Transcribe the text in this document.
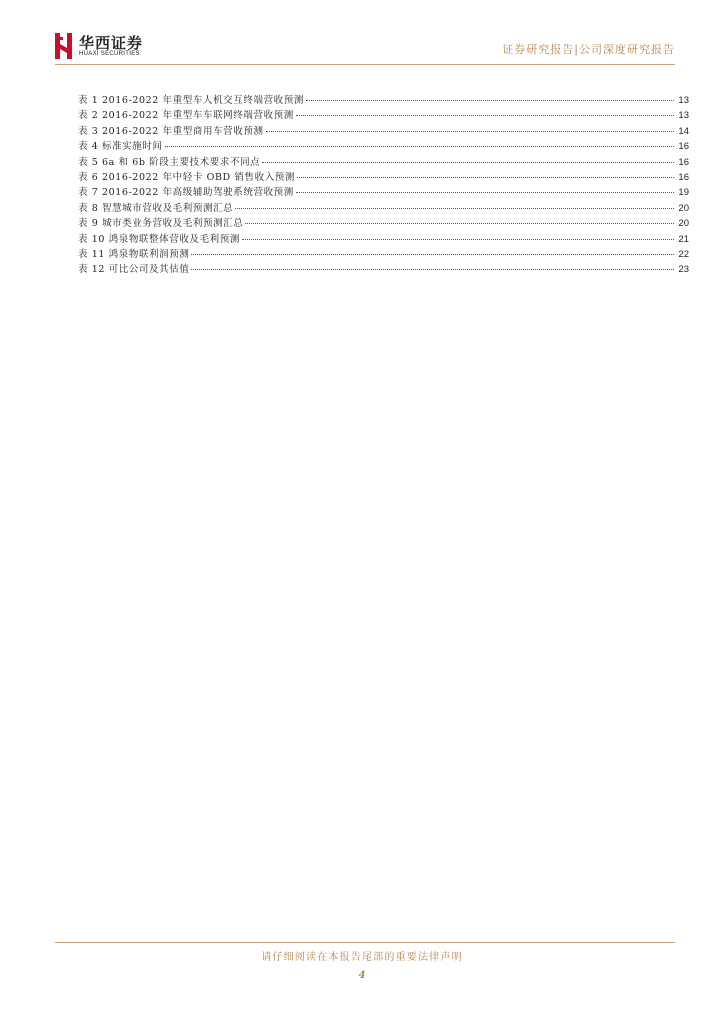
华西证券
HUAXI SECURITIES	证券研究报告|公司深度研究报告
表 1 2016-2022 年重型车人机交互终端营收预测	13
表 2 2016-2022 年重型车车联网终端营收预测	13
表 3 2016-2022 年重型商用车营收预测	14
表 4 标准实施时间	16
表 5 6a 和 6b 阶段主要技术要求不同点	16
表 6 2016-2022 年中轻卡 OBD 销售收入预测	16
表 7 2016-2022 年高级辅助驾驶系统营收预测	19
表 8 智慧城市营收及毛利预测汇总	20
表 9 城市类业务营收及毛利预测汇总	20
表 10 鸿泉物联整体营收及毛利预测	21
表 11 鸿泉物联利润预测	22
表 12 可比公司及其估值	23
请仔细阅读在本报告尾部的重要法律声明
4
